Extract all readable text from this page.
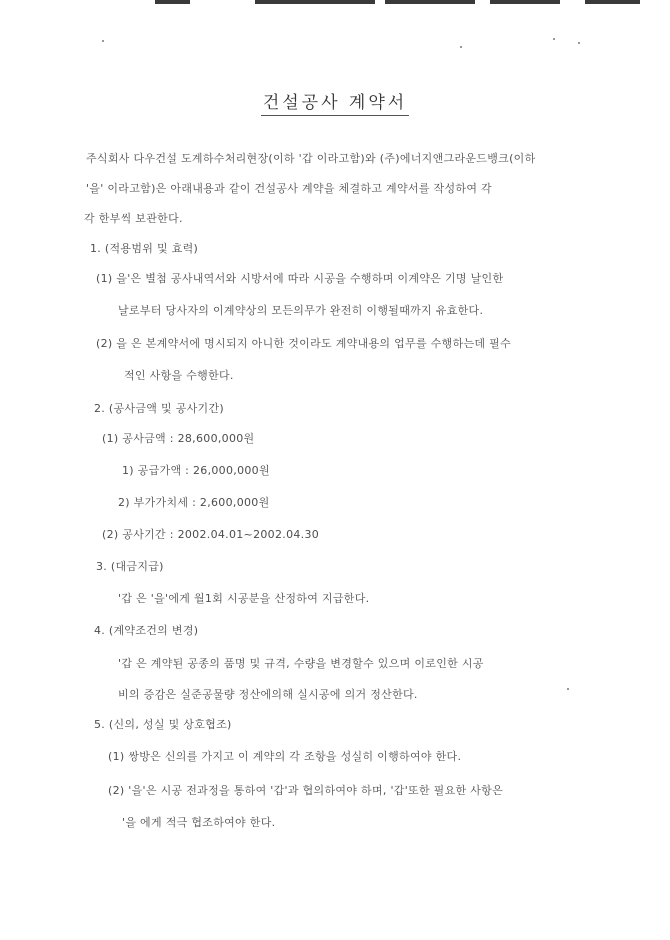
건설공사 계약서
주식회사 다우건설 도계하수처리현장(이하 '갑 이라고함)와 (주)에너지앤그라운드뱅크(이하
'을' 이라고함)은 아래내용과 같이 건설공사 계약을 체결하고 계약서를 작성하여 각
각 한부씩 보관한다.
1. (적용범위 및 효력)
(1) 을'은 별첨 공사내역서와 시방서에 따라 시공을 수행하며 이계약은 기명 날인한
날로부터 당사자의 이계약상의 모든의무가 완전히 이행될때까지 유효한다.
(2) 을 은 본계약서에 명시되지 아니한 것이라도 계약내용의 업무를 수행하는데 필수
적인 사항을 수행한다.
2. (공사금액 및 공사기간)
(1) 공사금액 : 28,600,000원
1) 공급가액 : 26,000,000원
2) 부가가치세 : 2,600,000원
(2) 공사기간 : 2002.04.01~2002.04.30
3. (대금지급)
'갑 은 '을'에게 월1회 시공분을 산정하여 지급한다.
4. (계약조건의 변경)
'갑 은 계약된 공종의 품명 및 규격, 수량을 변경할수 있으며 이로인한 시공
비의 증감은 실준공물량 정산에의해 실시공에 의거 정산한다.
5. (신의, 성실 및 상호협조)
(1) 쌍방은 신의를 가지고 이 계약의 각 조항을 성실히 이행하여야 한다.
(2) '을'은 시공 전과정을 통하여 '갑'과 협의하여야 하며, '갑'또한 필요한 사항은
'을 에게 적극 협조하여야 한다.
